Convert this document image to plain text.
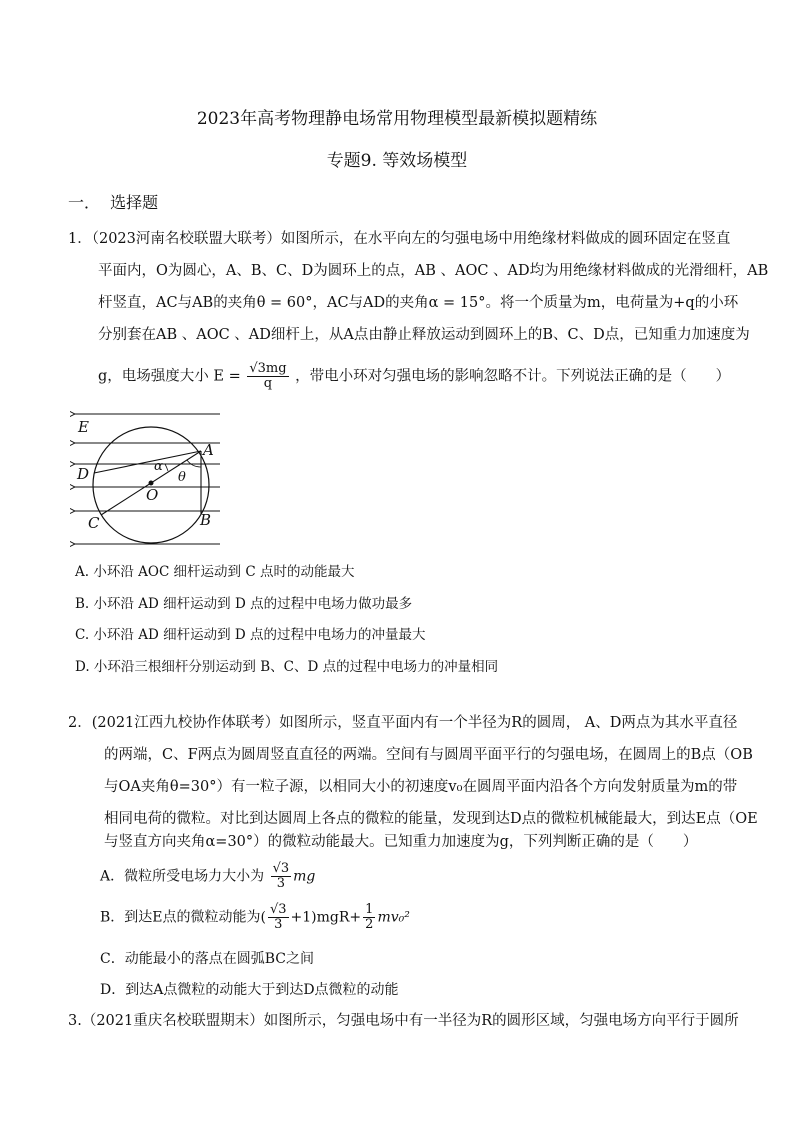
2023年高考物理静电场常用物理模型最新模拟题精练
专题9. 等效场模型
一．  选择题
1．（2023河南名校联盟大联考）如图所示，在水平向左的匀强电场中用绝缘材料做成的圆环固定在竖直
平面内，O为圆心，A、B、C、D为圆环上的点，AB 、AOC 、AD均为用绝缘材料做成的光滑细杆，AB
杆竖直，AC与AB的夹角θ = 60°，AC与AD的夹角α = 15°。将一个质量为m，电荷量为+q的小环
分别套在AB 、AOC 、AD细杆上，从A点由静止释放运动到圆环上的B、C、D点，已知重力加速度为
g，电场强度大小 $E = \frac{√3mg}{q}$ ，带电小环对匀强电场的影响忽略不计。下列说法正确的是（　　）
E
A
D
O
C	B
α
θ
A. 小环沿 AOC 细杆运动到 C 点时的动能最大
B. 小环沿 AD 细杆运动到 D 点的过程中电场力做功最多
C. 小环沿 AD 细杆运动到 D 点的过程中电场力的冲量最大
D. 小环沿三根细杆分别运动到 B、C、D 点的过程中电场力的冲量相同
2．(2021江西九校协作体联考）如图所示，竖直平面内有一个半径为R的圆周， A、D两点为其水平直径
的两端，C、F两点为圆周竖直直径的两端。空间有与圆周平面平行的匀强电场，在圆周上的B点（OB
与OA夹角θ=30°）有一粒子源，以相同大小的初速度v₀在圆周平面内沿各个方向发射质量为m的带
相同电荷的微粒。对比到达圆周上各点的微粒的能量，发现到达D点的微粒机械能最大，到达E点（OE
与竖直方向夹角α=30°）的微粒动能最大。已知重力加速度为g，下列判断正确的是（　　）
A．微粒所受电场力大小为 $\frac{√3}{3}$ mg
B．到达E点的微粒动能为( $\frac{√3}{3} +1)mgR+ \frac{1}{2} mv_0^2$
C．动能最小的落点在圆弧BC之间
D．到达A点微粒的动能大于到达D点微粒的动能
3.（2021重庆名校联盟期末）如图所示，匀强电场中有一半径为R的圆形区域，匀强电场方向平行于圆所
